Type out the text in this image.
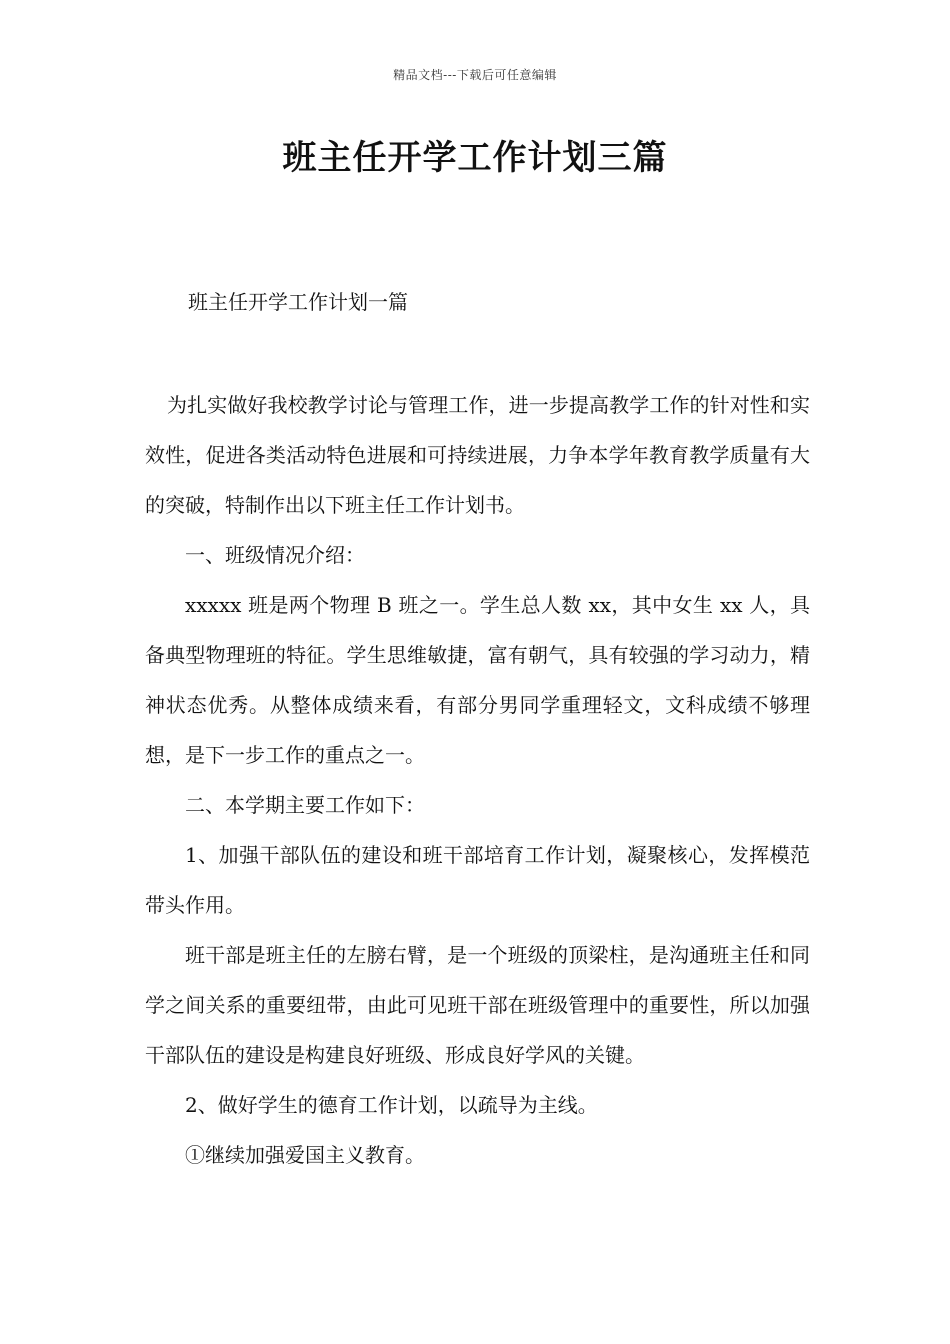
精品文档---下载后可任意编辑
班主任开学工作计划三篇
班主任开学工作计划一篇

为扎实做好我校教学讨论与管理工作，进一步提高教学工作的针对性和实效性，促进各类活动特色进展和可持续进展，力争本学年教育教学质量有大的突破，特制作出以下班主任工作计划书。

一、班级情况介绍：

xxxxx 班是两个物理 B 班之一。学生总人数 xx，其中女生 xx 人，具备典型物理班的特征。学生思维敏捷，富有朝气，具有较强的学习动力，精神状态优秀。从整体成绩来看，有部分男同学重理轻文，文科成绩不够理想，是下一步工作的重点之一。

二、本学期主要工作如下：

1、加强干部队伍的建设和班干部培育工作计划，凝聚核心，发挥模范带头作用。

班干部是班主任的左膀右臂，是一个班级的顶梁柱，是沟通班主任和同学之间关系的重要纽带，由此可见班干部在班级管理中的重要性，所以加强干部队伍的建设是构建良好班级、形成良好学风的关键。

2、做好学生的德育工作计划，以疏导为主线。

①继续加强爱国主义教育。
